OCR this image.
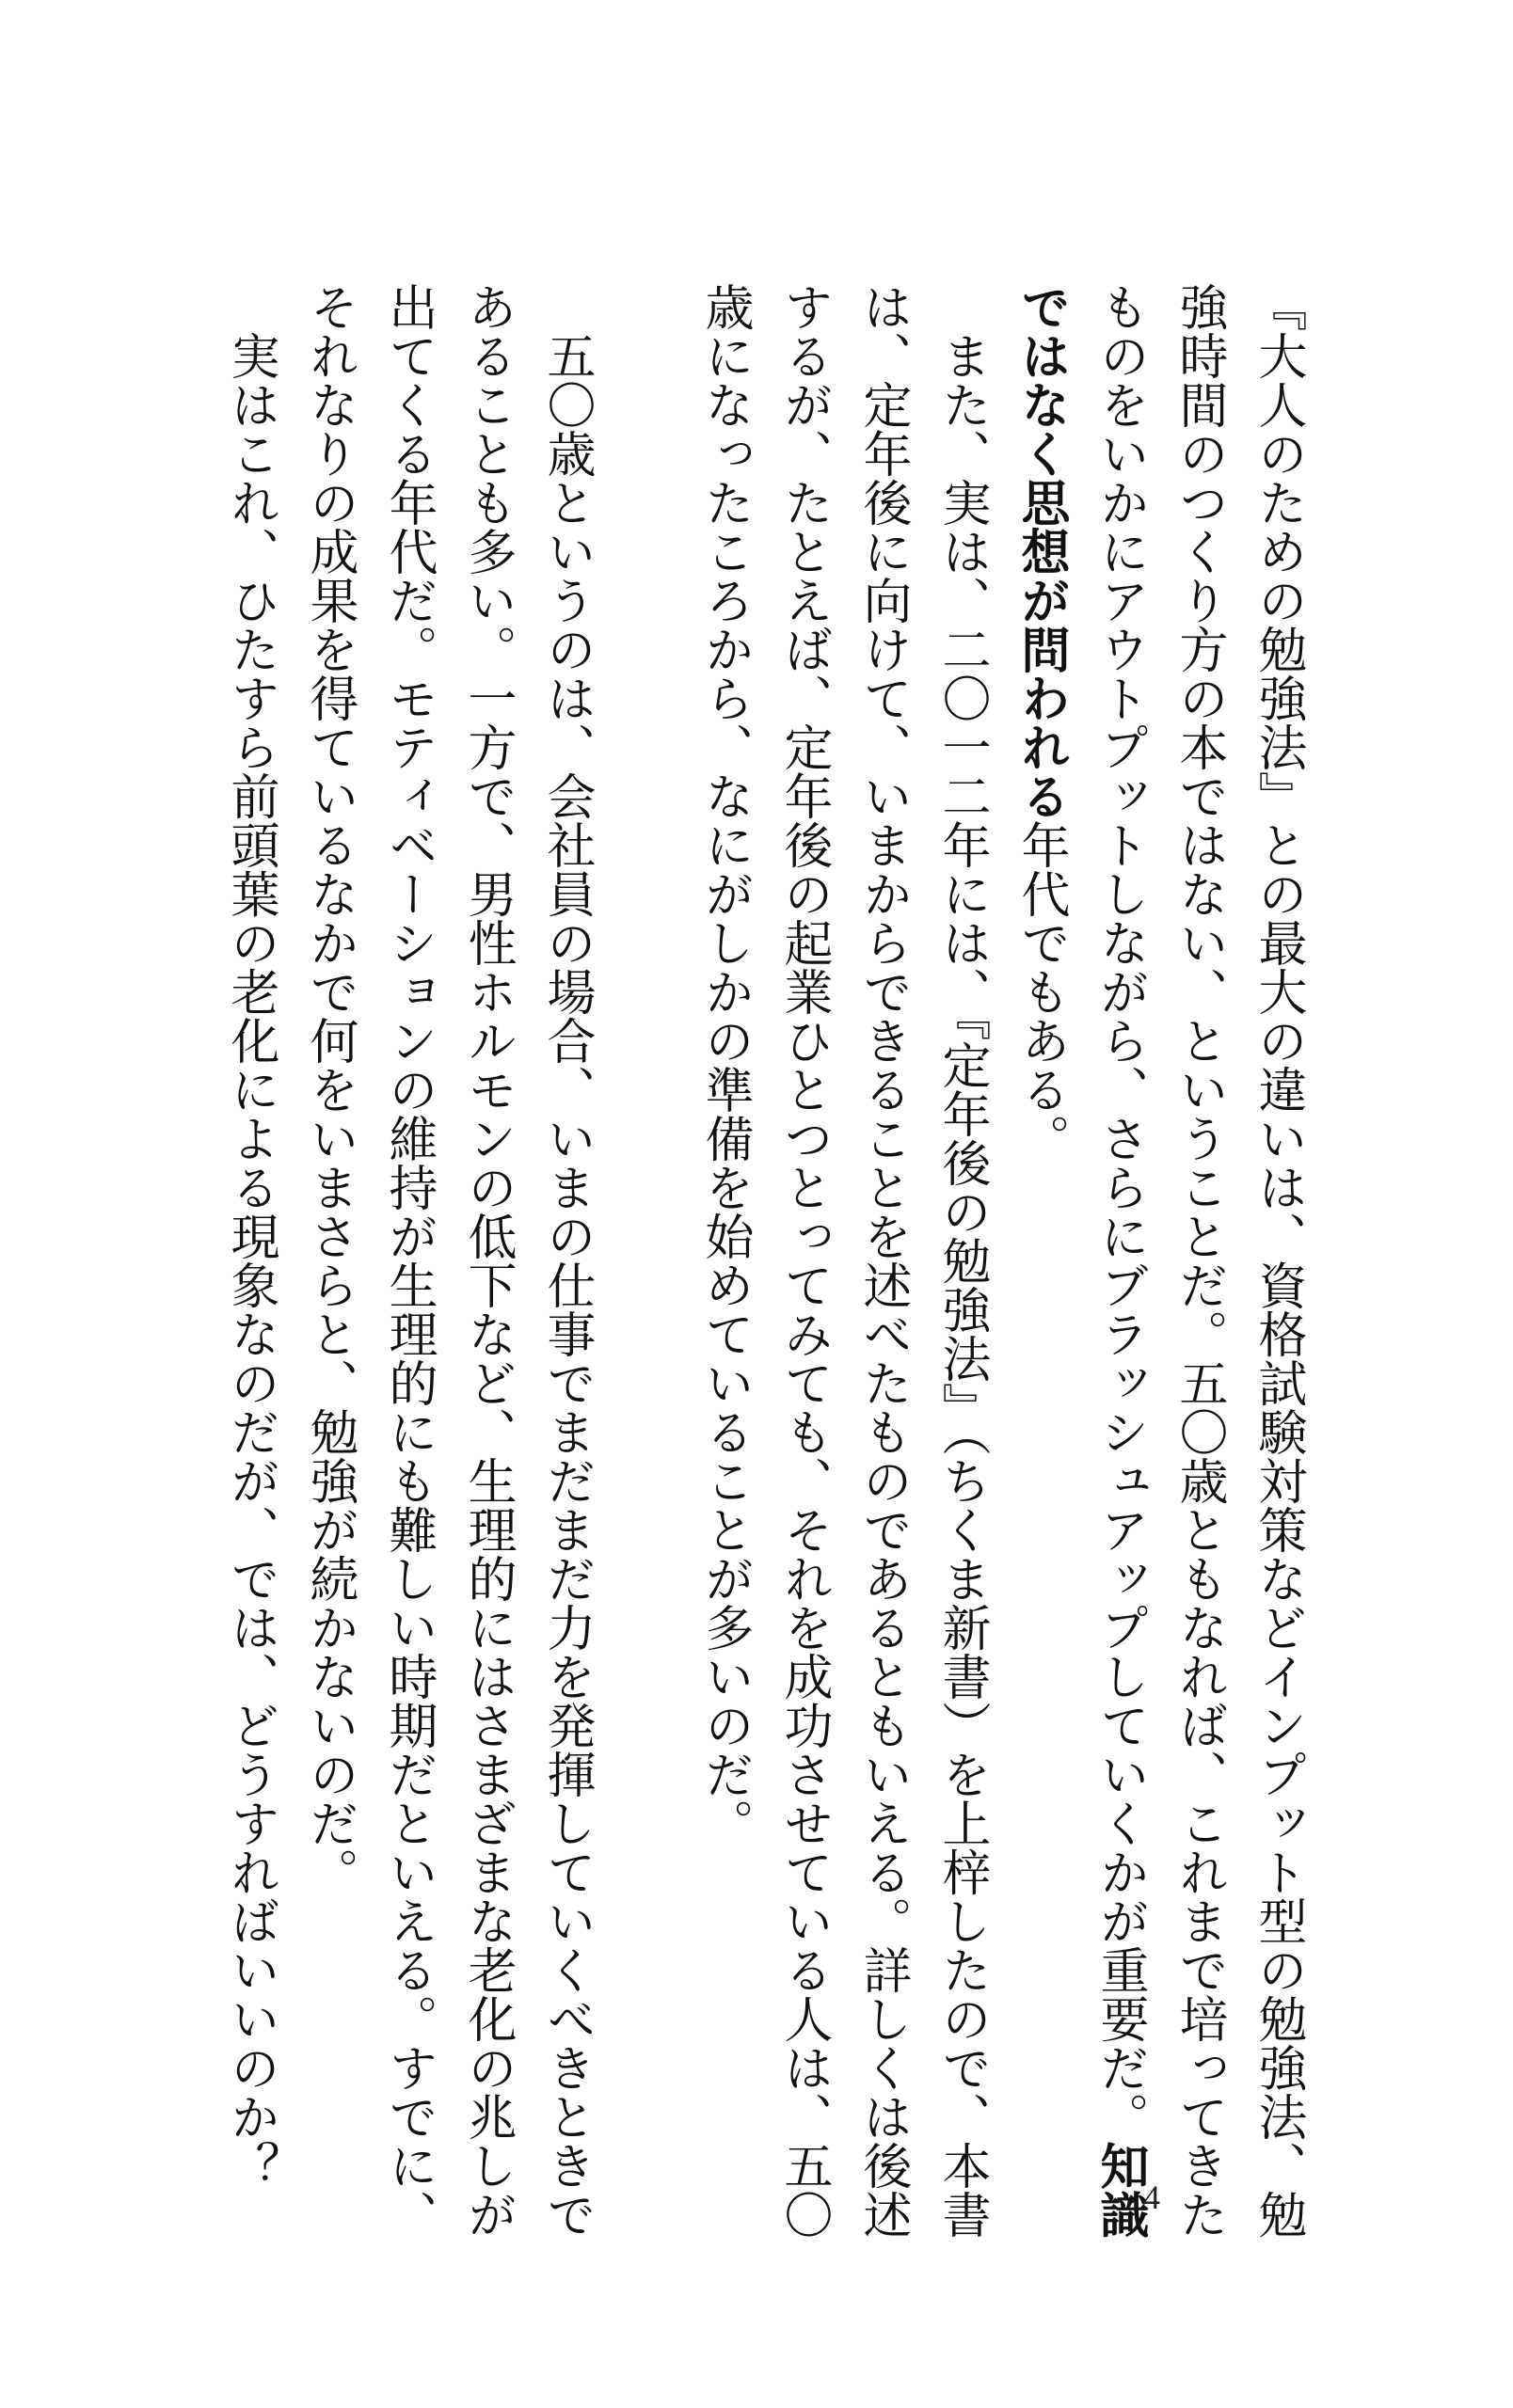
『大人のための勉強法』との最大の違いは、資格試験対策などインプット型の勉強法、勉
強時間のつくり方の本ではない、ということだ。五〇歳ともなれば、これまで培ってきた
ものをいかにアウトプットしながら、さらにブラッシュアップしていくかが重要だ。知識
ではなく思想が問われる年代でもある。
　また、実は、二〇一二年には、『定年後の勉強法』（ちくま新書）を上梓したので、本書
は、定年後に向けて、いまからできることを述べたものであるともいえる。詳しくは後述
するが、たとえば、定年後の起業ひとつとってみても、それを成功させている人は、五〇
歳になったころから、なにがしかの準備を始めていることが多いのだ。
　五〇歳というのは、会社員の場合、いまの仕事でまだまだ力を発揮していくべきときで
あることも多い。一方で、男性ホルモンの低下など、生理的にはさまざまな老化の兆しが
出てくる年代だ。モティベーションの維持が生理的にも難しい時期だといえる。すでに、
それなりの成果を得ているなかで何をいまさらと、勉強が続かないのだ。
　実はこれ、ひたすら前頭葉の老化による現象なのだが、では、どうすればいいのか？
4
